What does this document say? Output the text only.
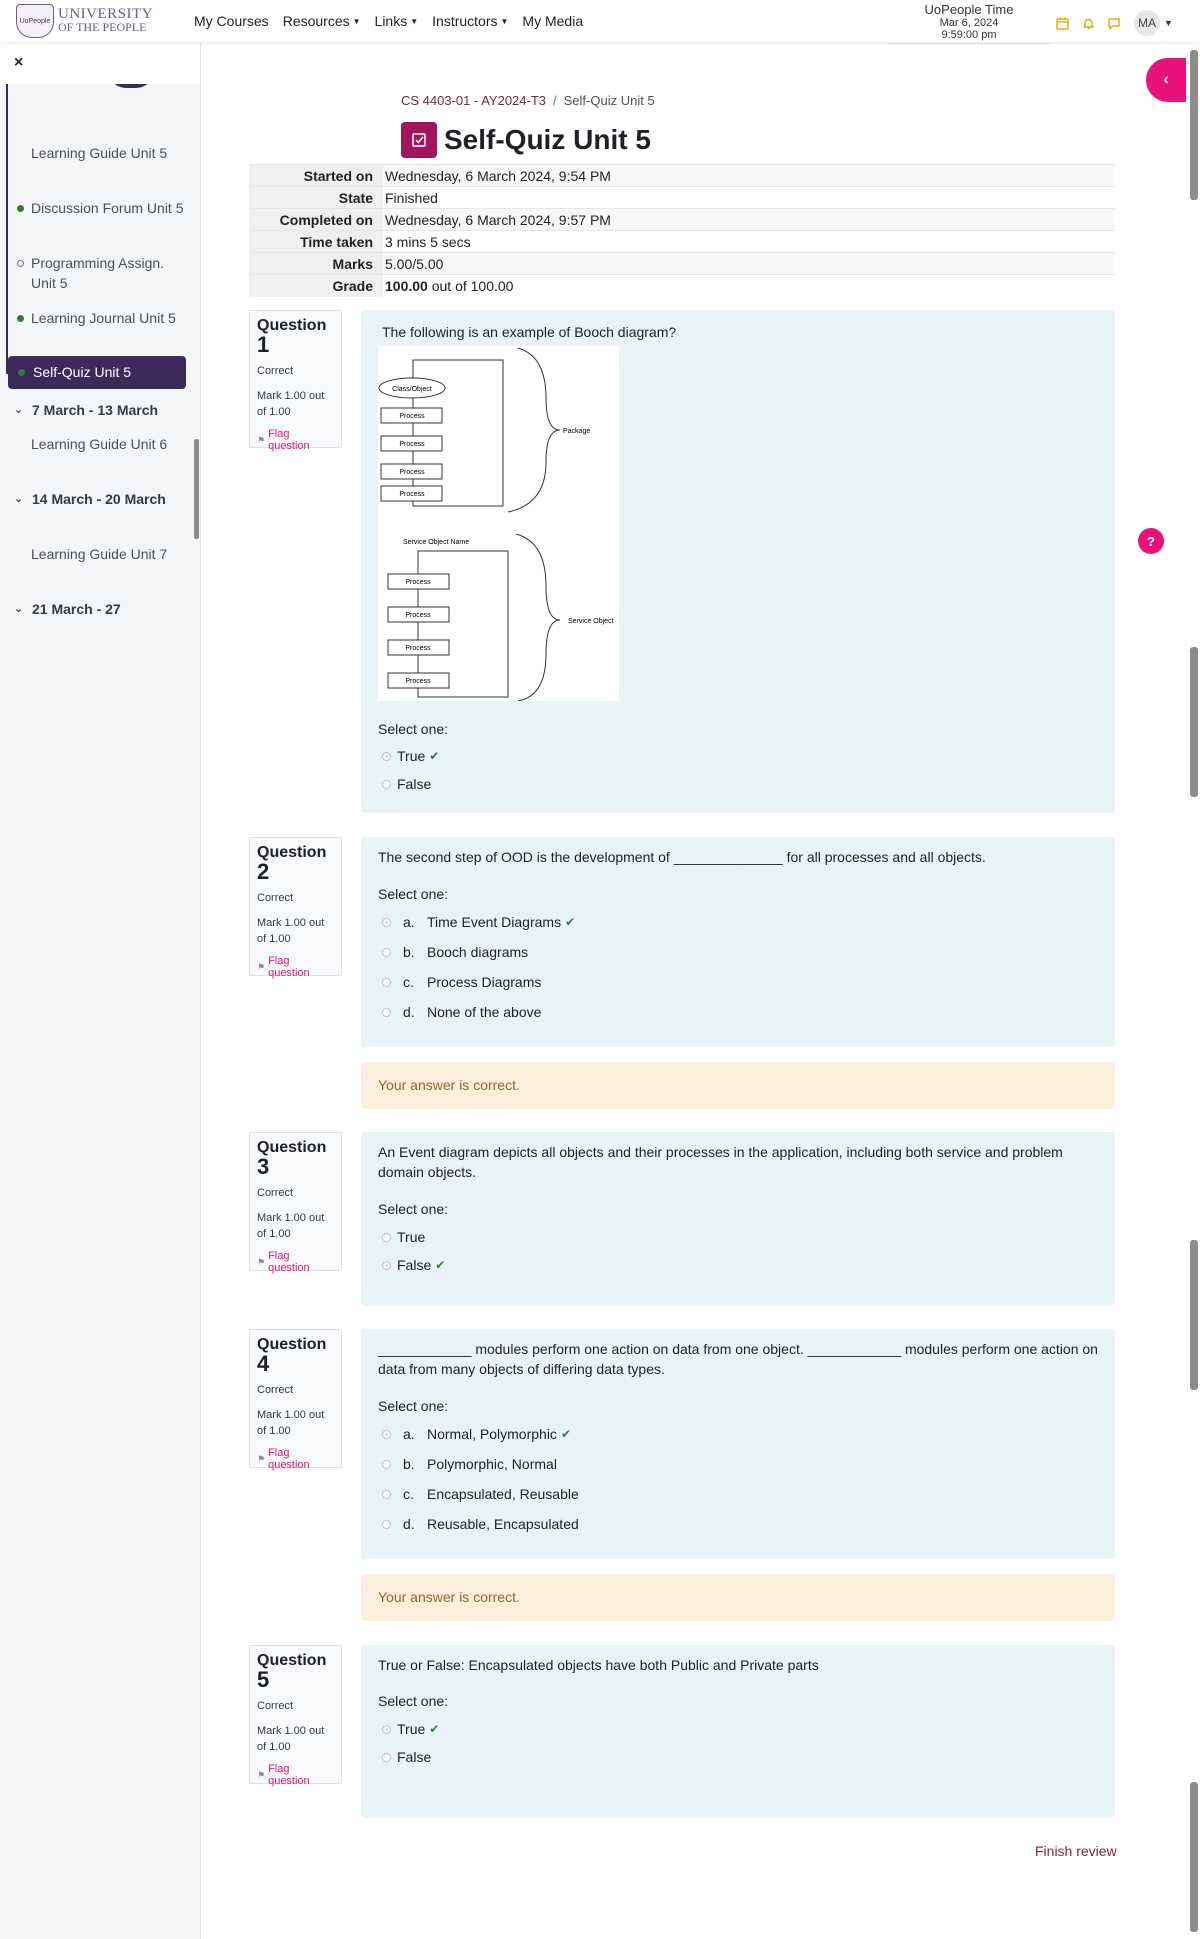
UoPeople UNIVERSITY
OF THE PEOPLE	My Courses Resources ▼ Links ▼ Instructors ▼ My Media
UoPeople Time
Mar 6, 2024
9:59:00 pm
MA ▼
×
Learning Guide Unit 5
Discussion Forum Unit 5
Programming Assign. Unit 5
Learning Journal Unit 5
Self-Quiz Unit 5
⌄ 7 March - 13 March
Learning Guide Unit 6
⌄ 14 March - 20 March
Learning Guide Unit 7
⌄ 21 March - 27
‹
?
CS 4403-01 - AY2024-T3 / Self-Quiz Unit 5
Self-Quiz Unit 5
Started on	Wednesday, 6 March 2024, 9:54 PM
State	Finished
Completed on	Wednesday, 6 March 2024, 9:57 PM
Time taken	3 mins 5 secs
Marks	5.00/5.00
Grade	100.00 out of 100.00
Question
1
Correct
Mark 1.00 out of 1.00
⚑ Flag question
The following is an example of Booch diagram?
Class/Object
Process
Process
Process
Process
Package
Service Object Name
Process
Process
Process
Process
Service Object
Select one:
True ✔
False
Question
2
Correct
Mark 1.00 out of 1.00
⚑ Flag question
The second step of OOD is the development of ______________ for all processes and all objects.
Select one:
a. Time Event Diagrams ✔
b. Booch diagrams
c. Process Diagrams
d. None of the above
Your answer is correct.
Question
3
Correct
Mark 1.00 out of 1.00
⚑ Flag question
An Event diagram depicts all objects and their processes in the application, including both service and problem domain objects.
Select one:
True
False ✔
Question
4
Correct
Mark 1.00 out of 1.00
⚑ Flag question
____________ modules perform one action on data from one object. ____________ modules perform one action on data from many objects of differing data types.
Select one:
a. Normal, Polymorphic ✔
b. Polymorphic, Normal
c. Encapsulated, Reusable
d. Reusable, Encapsulated
Your answer is correct.
Question
5
Correct
Mark 1.00 out of 1.00
⚑ Flag question
True or False: Encapsulated objects have both Public and Private parts
Select one:
True ✔
False
Finish review
